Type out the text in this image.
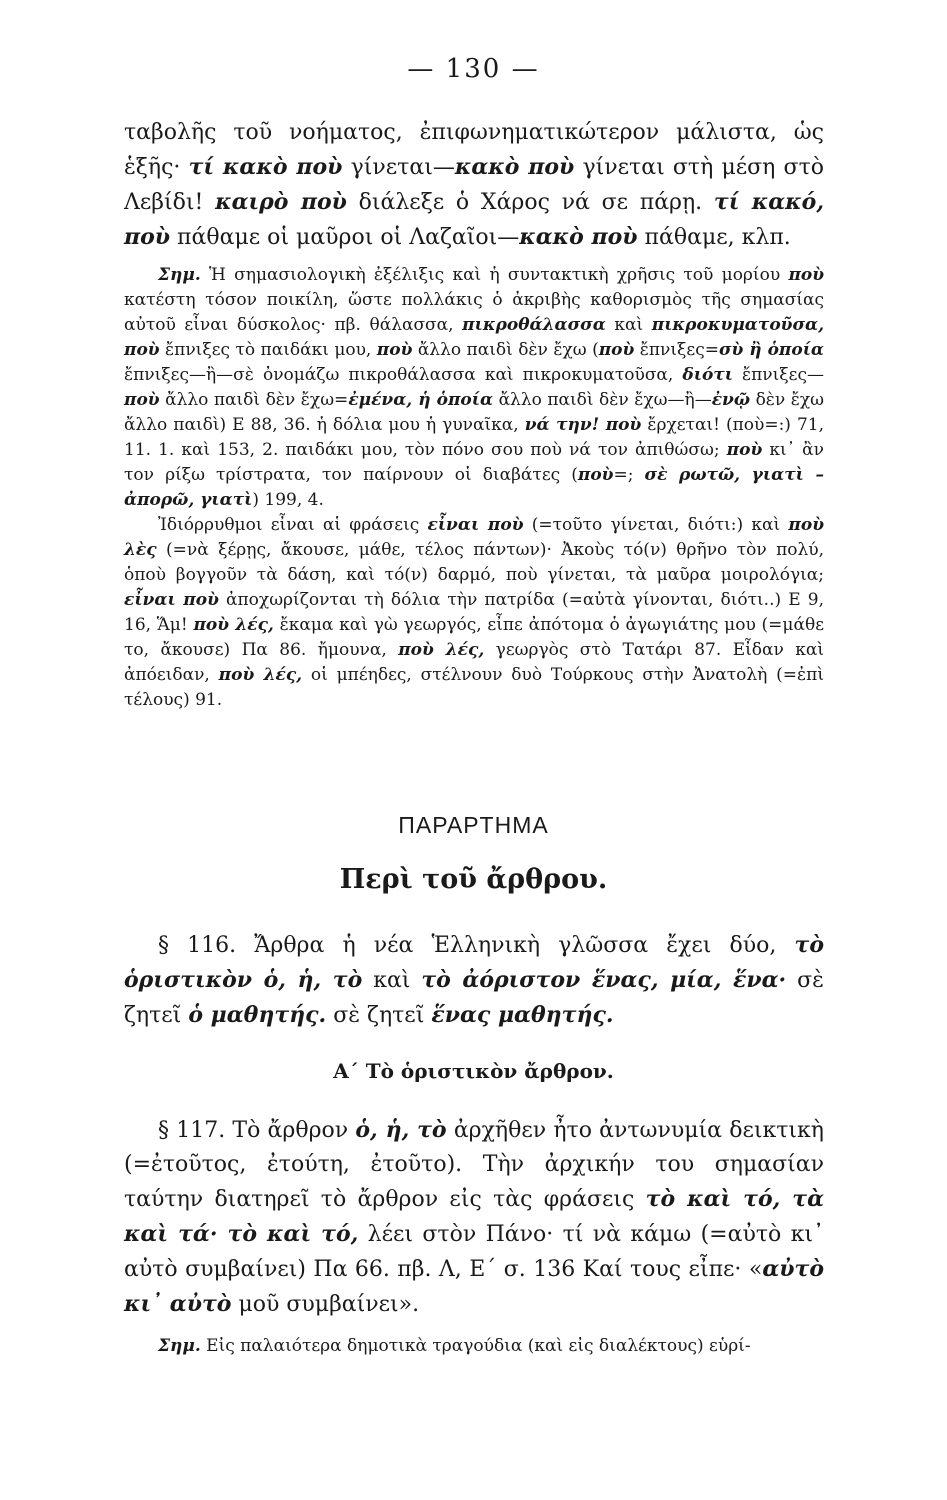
— 130 —

ταβολῆς τοῦ νοήματος, ἐπιφωνηματικώτερον μάλιστα, ὡς ἑξῆς· τί κακὸ ποὺ γίνεται—κακὸ ποὺ γίνεται στὴ μέση στὸ Λεβίδι! καιρὸ ποὺ διάλεξε ὁ Χάρος νά σε πάρῃ. τί κακό, ποὺ πάθαμε οἱ μαῦροι οἱ Λαζαῖοι—κακὸ ποὺ πάθαμε, κλπ.

Σημ. Ἡ σημασιολογικὴ ἐξέλιξις καὶ ἡ συντακτικὴ χρῆσις τοῦ μορίου ποὺ κατέστη τόσον ποικίλη, ὥστε πολλάκις ὁ ἀκριβὴς καθορισμὸς τῆς σημασίας αὐτοῦ εἶναι δύσκολος· πβ. θάλασσα, πικροθάλασσα καὶ πικροκυματοῦσα, ποὺ ἔπνιξες τὸ παιδάκι μου, ποὺ ἄλλο παιδὶ δὲν ἔχω (ποὺ ἔπνιξες=σὺ ἢ ὁποία ἔπνιξες—ἢ—σὲ ὀνομάζω πικροθάλασσα καὶ πικροκυματοῦσα, διότι ἔπνιξες—ποὺ ἄλλο παιδὶ δὲν ἔχω=ἐμένα, ἡ ὁποία ἄλλο παιδὶ δὲν ἔχω—ἢ—ἐνῷ δὲν ἔχω ἄλλο παιδὶ) Ε 88, 36. ἡ δόλια μου ἡ γυναῖκα, νά την! ποὺ ἔρχεται! (ποὺ=:) 71, 11. 1. καὶ 153, 2. παιδάκι μου, τὸν πόνο σου ποὺ νά τον ἀπιθώσω; ποὺ κι᾿ ἂν τον ρίξω τρίστρατα, τον παίρνουν οἱ διαβάτες (ποὺ=; σὲ ρωτῶ, γιατὶ – ἀπορῶ, γιατὶ) 199, 4.

Ἰδιόρρυθμοι εἶναι αἱ φράσεις εἶναι ποὺ (=τοῦτο γίνεται, διότι:) καὶ ποὺ λὲς (=νὰ ξέρῃς, ἄκουσε, μάθε, τέλος πάντων)· Ἀκοὺς τό(ν) θρῆνο τὸν πολύ, ὁποὺ βογγοῦν τὰ δάση, καὶ τό(ν) δαρμό, ποὺ γίνεται, τὰ μαῦρα μοιρολόγια; εἶναι ποὺ ἀποχωρίζονται τὴ δόλια τὴν πατρίδα (=αὐτὰ γίνονται, διότι..) Ε 9, 16, Ἅμ! ποὺ λές, ἔκαμα καὶ γὼ γεωργός, εἶπε ἀπότομα ὁ ἀγωγιάτης μου (=μάθε το, ἄκουσε) Πα 86. ἤμουνα, ποὺ λές, γεωργὸς στὸ Τατάρι 87. Εἶδαν καὶ ἀπόειδαν, ποὺ λές, οἱ μπέηδες, στέλνουν δυὸ Τούρκους στὴν Ἀνατολὴ (=ἐπὶ τέλους) 91.

ΠΑΡΑΡΤΗΜΑ
Περὶ τοῦ ἄρθρου.

§ 116. Ἄρθρα ἡ νέα Ἑλληνικὴ γλῶσσα ἔχει δύο, τὸ ὁριστικὸν ὁ, ἡ, τὸ καὶ τὸ ἀόριστον ἕνας, μία, ἕνα· σὲ ζητεῖ ὁ μαθητής. σὲ ζητεῖ ἕνας μαθητής.

Α΄ Τὸ ὁριστικὸν ἄρθρον.

§ 117. Τὸ ἄρθρον ὁ, ἡ, τὸ ἀρχῆθεν ἦτο ἀντωνυμία δεικτικὴ (=ἐτοῦτος, ἐτούτη, ἐτοῦτο). Τὴν ἀρχικήν του σημασίαν ταύτην διατηρεῖ τὸ ἄρθρον εἰς τὰς φράσεις τὸ καὶ τό, τὰ καὶ τά· τὸ καὶ τό, λέει στὸν Πάνο· τί νὰ κάμω (=αὐτὸ κι᾿ αὐτὸ συμβαίνει) Πα 66. πβ. Λ, Ε΄ σ. 136 Καί τους εἶπε· «αὐτὸ κι᾿ αὐτὸ μοῦ συμβαίνει».

Σημ. Εἰς παλαιότερα δημοτικὰ τραγούδια (καὶ εἰς διαλέκτους) εὑρί-
